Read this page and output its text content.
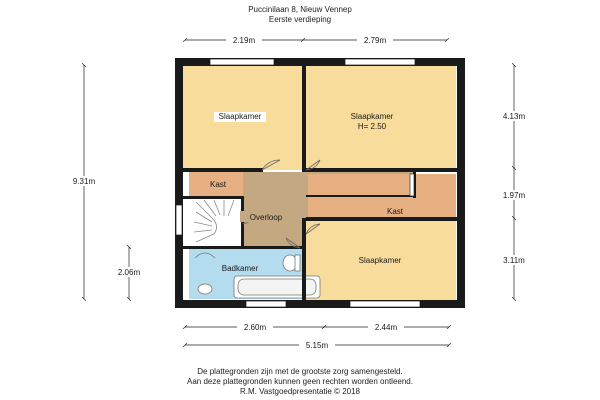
Puccinilaan 8, Nieuw Vennep
Eerste verdieping
Slaapkamer	Slaapkamer
H= 2.50
Kast
Overloop
Kast
Badkamer
Slaapkamer
2.19m	2.79m
9.31m
2.06m
4.13m
1.97m
3.11m
2.60m	2.44m
5.15m
De plattegronden zijn met de grootste zorg samengesteld.
Aan deze plattegronden kunnen geen rechten worden ontleend.
R.M. Vastgoedpresentatie © 2018
